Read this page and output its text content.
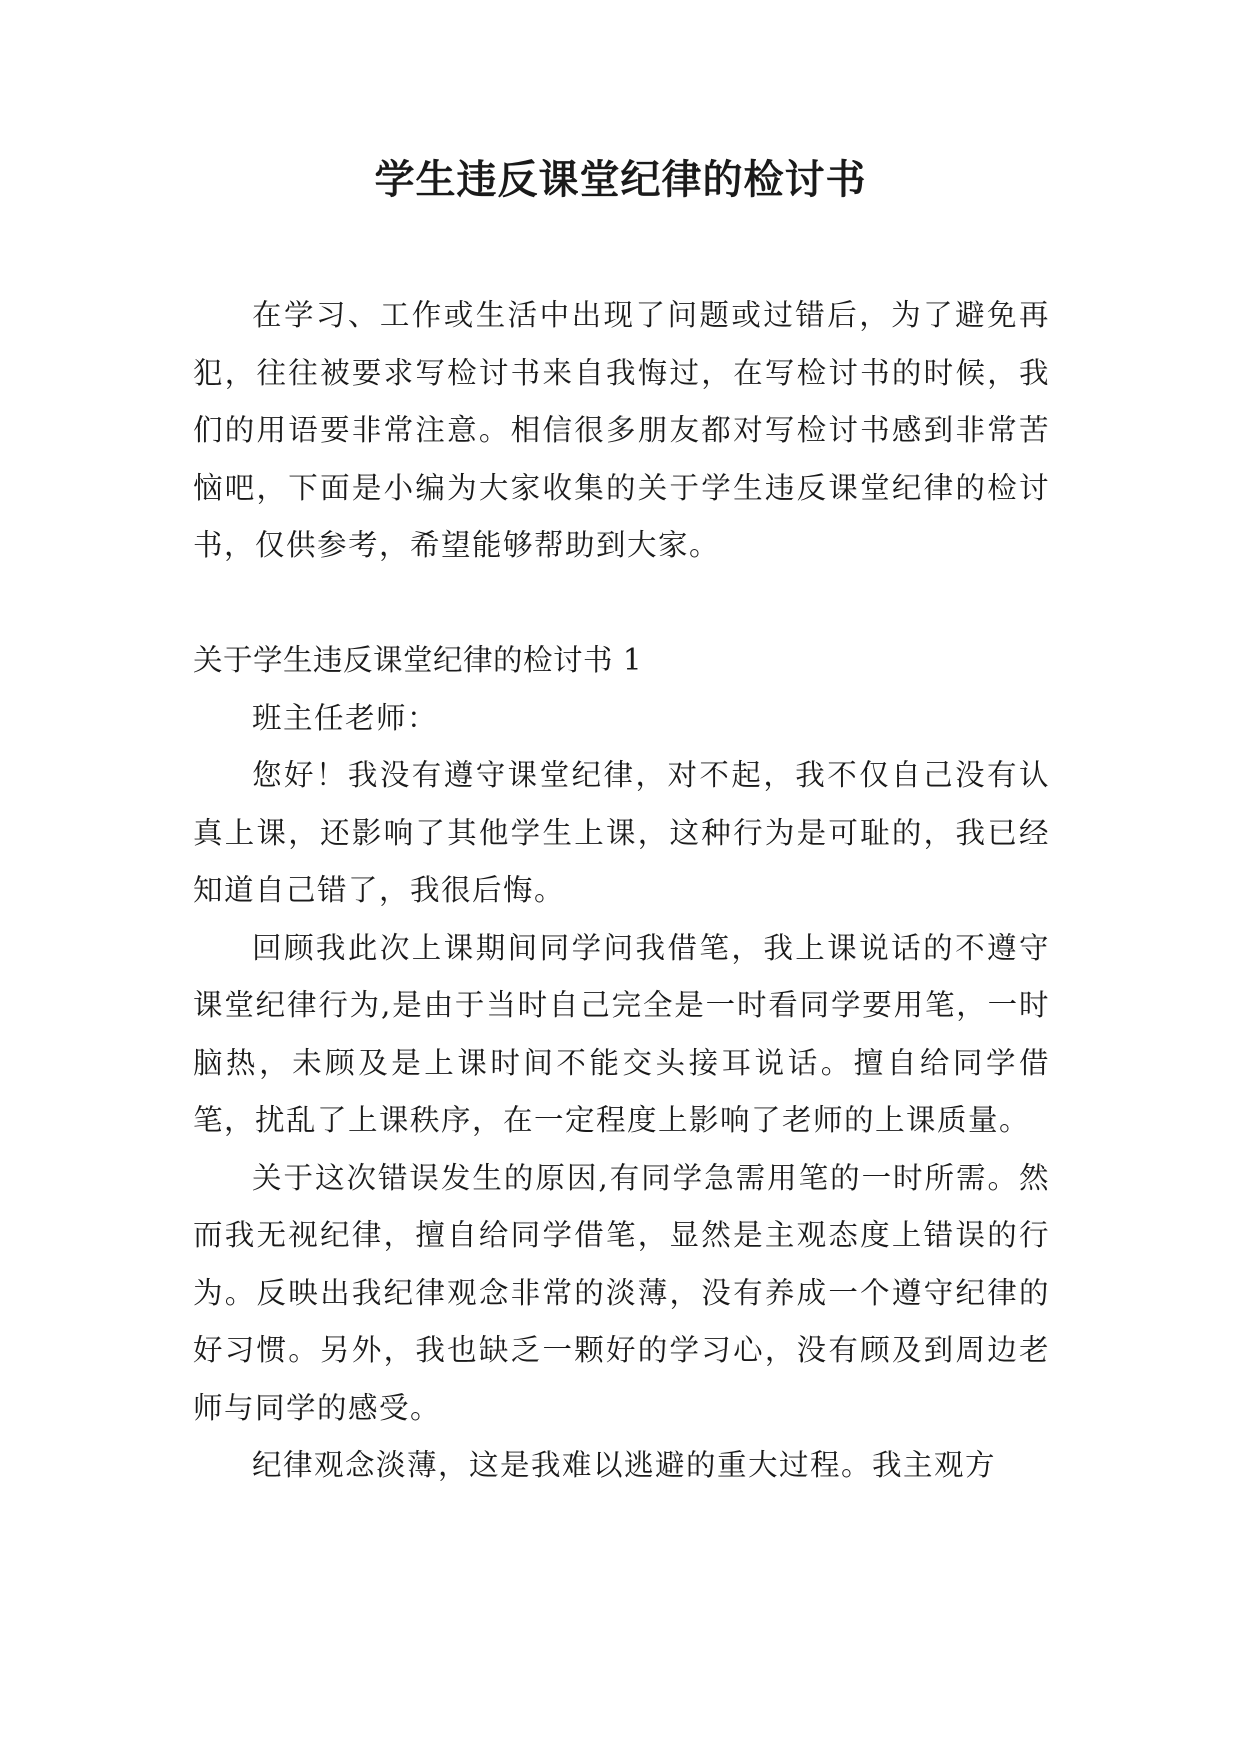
学生违反课堂纪律的检讨书

在学习、工作或生活中出现了问题或过错后，为了避免再犯，往往被要求写检讨书来自我悔过，在写检讨书的时候，我们的用语要非常注意。相信很多朋友都对写检讨书感到非常苦恼吧，下面是小编为大家收集的关于学生违反课堂纪律的检讨书，仅供参考，希望能够帮助到大家。

关于学生违反课堂纪律的检讨书 1

班主任老师：

您好！我没有遵守课堂纪律，对不起，我不仅自己没有认真上课，还影响了其他学生上课，这种行为是可耻的，我已经知道自己错了，我很后悔。

回顾我此次上课期间同学问我借笔，我上课说话的不遵守课堂纪律行为,是由于当时自己完全是一时看同学要用笔，一时脑热，未顾及是上课时间不能交头接耳说话。擅自给同学借笔，扰乱了上课秩序，在一定程度上影响了老师的上课质量。

关于这次错误发生的原因,有同学急需用笔的一时所需。然而我无视纪律，擅自给同学借笔，显然是主观态度上错误的行为。反映出我纪律观念非常的淡薄，没有养成一个遵守纪律的好习惯。另外，我也缺乏一颗好的学习心，没有顾及到周边老师与同学的感受。

纪律观念淡薄，这是我难以逃避的重大过程。我主观方
